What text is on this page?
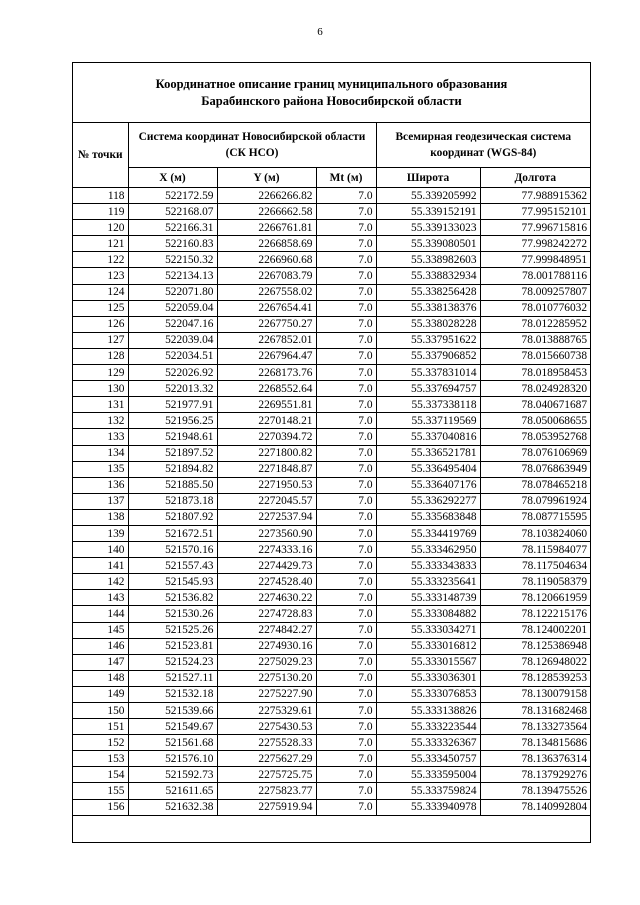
6
Координатное описание границ муниципального образования
Барабинского района Новосибирской области
№ точки	Система координат Новосибирской области (СК НСО)			Всемирная геодезическая система координат (WGS-84)	
	X (м)	Y (м)	Mt (м)	Широта	Долгота
118	522172.59	2266266.82	7.0	55.339205992	77.988915362
119	522168.07	2266662.58	7.0	55.339152191	77.995152101
120	522166.31	2266761.81	7.0	55.339133023	77.996715816
121	522160.83	2266858.69	7.0	55.339080501	77.998242272
122	522150.32	2266960.68	7.0	55.338982603	77.999848951
123	522134.13	2267083.79	7.0	55.338832934	78.001788116
124	522071.80	2267558.02	7.0	55.338256428	78.009257807
125	522059.04	2267654.41	7.0	55.338138376	78.010776032
126	522047.16	2267750.27	7.0	55.338028228	78.012285952
127	522039.04	2267852.01	7.0	55.337951622	78.013888765
128	522034.51	2267964.47	7.0	55.337906852	78.015660738
129	522026.92	2268173.76	7.0	55.337831014	78.018958453
130	522013.32	2268552.64	7.0	55.337694757	78.024928320
131	521977.91	2269551.81	7.0	55.337338118	78.040671687
132	521956.25	2270148.21	7.0	55.337119569	78.050068655
133	521948.61	2270394.72	7.0	55.337040816	78.053952768
134	521897.52	2271800.82	7.0	55.336521781	78.076106969
135	521894.82	2271848.87	7.0	55.336495404	78.076863949
136	521885.50	2271950.53	7.0	55.336407176	78.078465218
137	521873.18	2272045.57	7.0	55.336292277	78.079961924
138	521807.92	2272537.94	7.0	55.335683848	78.087715595
139	521672.51	2273560.90	7.0	55.334419769	78.103824060
140	521570.16	2274333.16	7.0	55.333462950	78.115984077
141	521557.43	2274429.73	7.0	55.333343833	78.117504634
142	521545.93	2274528.40	7.0	55.333235641	78.119058379
143	521536.82	2274630.22	7.0	55.333148739	78.120661959
144	521530.26	2274728.83	7.0	55.333084882	78.122215176
145	521525.26	2274842.27	7.0	55.333034271	78.124002201
146	521523.81	2274930.16	7.0	55.333016812	78.125386948
147	521524.23	2275029.23	7.0	55.333015567	78.126948022
148	521527.11	2275130.20	7.0	55.333036301	78.128539253
149	521532.18	2275227.90	7.0	55.333076853	78.130079158
150	521539.66	2275329.61	7.0	55.333138826	78.131682468
151	521549.67	2275430.53	7.0	55.333223544	78.133273564
152	521561.68	2275528.33	7.0	55.333326367	78.134815686
153	521576.10	2275627.29	7.0	55.333450757	78.136376314
154	521592.73	2275725.75	7.0	55.333595004	78.137929276
155	521611.65	2275823.77	7.0	55.333759824	78.139475526
156	521632.38	2275919.94	7.0	55.333940978	78.140992804
